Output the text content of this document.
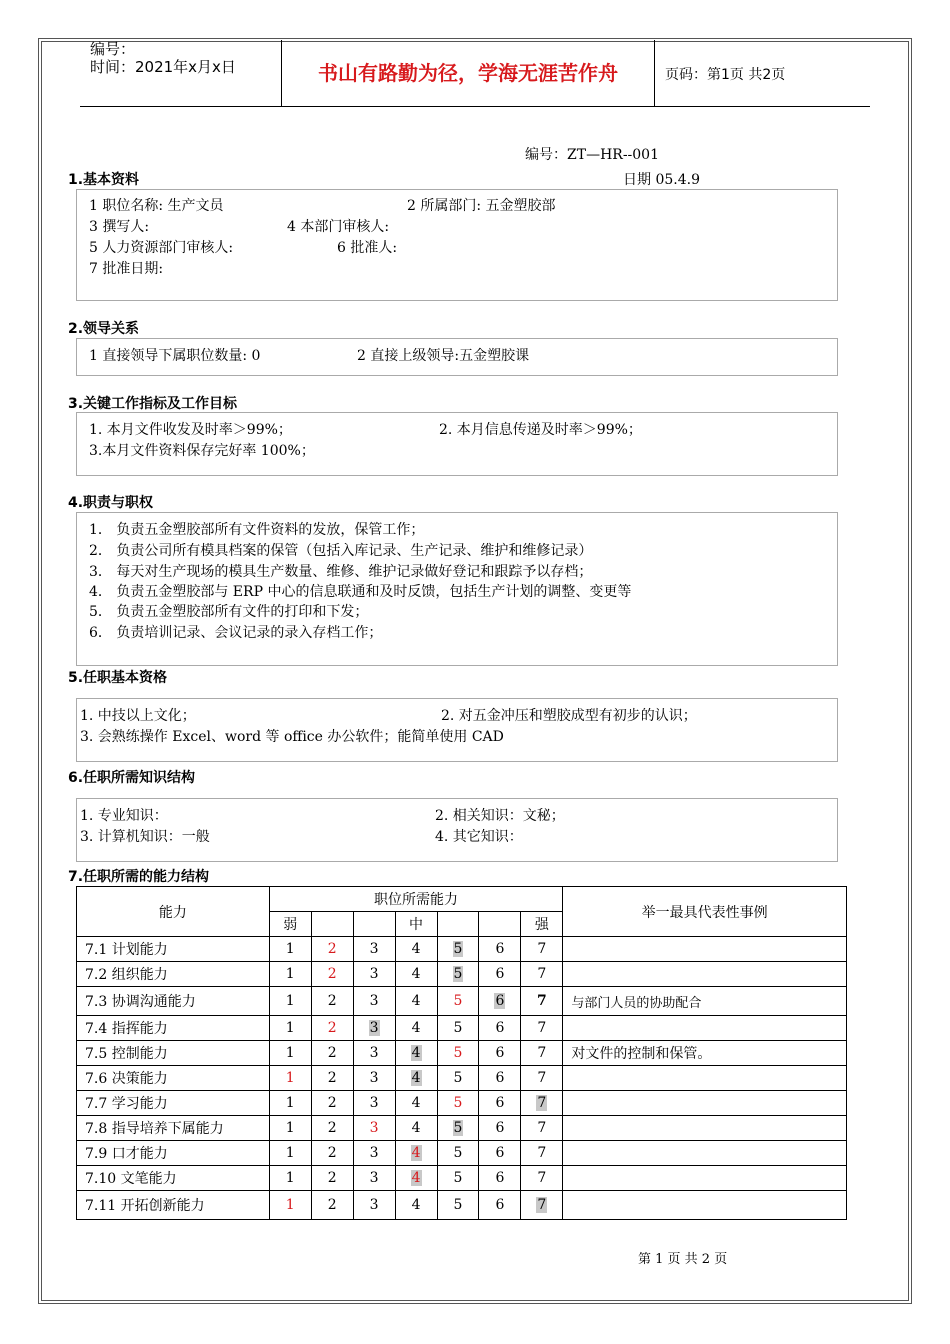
编号：
时间：2021年x月x日	书山有路勤为径，学海无涯苦作舟	页码：第1页 共2页
编号：ZT—HR--001
日期 05.4.9
1.基本资料
1 职位名称: 生产文员	2 所属部门: 五金塑胶部
3 撰写人:	4 本部门审核人:
5 人力资源部门审核人:	6 批准人:
7 批准日期:
2.领导关系
1 直接领导下属职位数量: 0	2 直接上级领导:五金塑胶课
3.关键工作指标及工作目标
1. 本月文件收发及时率＞99%；	2. 本月信息传递及时率＞99%；
3.本月文件资料保存完好率 100%；
4.职责与职权
1． 负责五金塑胶部所有文件资料的发放，保管工作；
2． 负责公司所有模具档案的保管（包括入库记录、生产记录、维护和维修记录）
3． 每天对生产现场的模具生产数量、维修、维护记录做好登记和跟踪予以存档；
4． 负责五金塑胶部与 ERP 中心的信息联通和及时反馈，包括生产计划的调整、变更等
5． 负责五金塑胶部所有文件的打印和下发；
6． 负责培训记录、会议记录的录入存档工作；
5.任职基本资格
1. 中技以上文化；	2. 对五金冲压和塑胶成型有初步的认识；
3. 会熟练操作 Excel、word 等 office 办公软件；能简单使用 CAD
6.任职所需知识结构
1. 专业知识：	2. 相关知识：文秘；
3. 计算机知识：一般	4. 其它知识：
7.任职所需的能力结构
能力	职位所需能力							举一最具代表性事例
	弱			中			强	
7.1 计划能力	1	2	3	4	5	6	7	
7.2 组织能力	1	2	3	4	5	6	7	
7.3 协调沟通能力	1	2	3	4	5	6	7	与部门人员的协助配合
7.4 指挥能力	1	2	3	4	5	6	7	
7.5 控制能力	1	2	3	4	5	6	7	对文件的控制和保管。
7.6 决策能力	1	2	3	4	5	6	7	
7.7 学习能力	1	2	3	4	5	6	7	
7.8 指导培养下属能力	1	2	3	4	5	6	7	
7.9 口才能力	1	2	3	4	5	6	7	
7.10 文笔能力	1	2	3	4	5	6	7	
7.11 开拓创新能力	1	2	3	4	5	6	7	
第 1 页 共 2 页
